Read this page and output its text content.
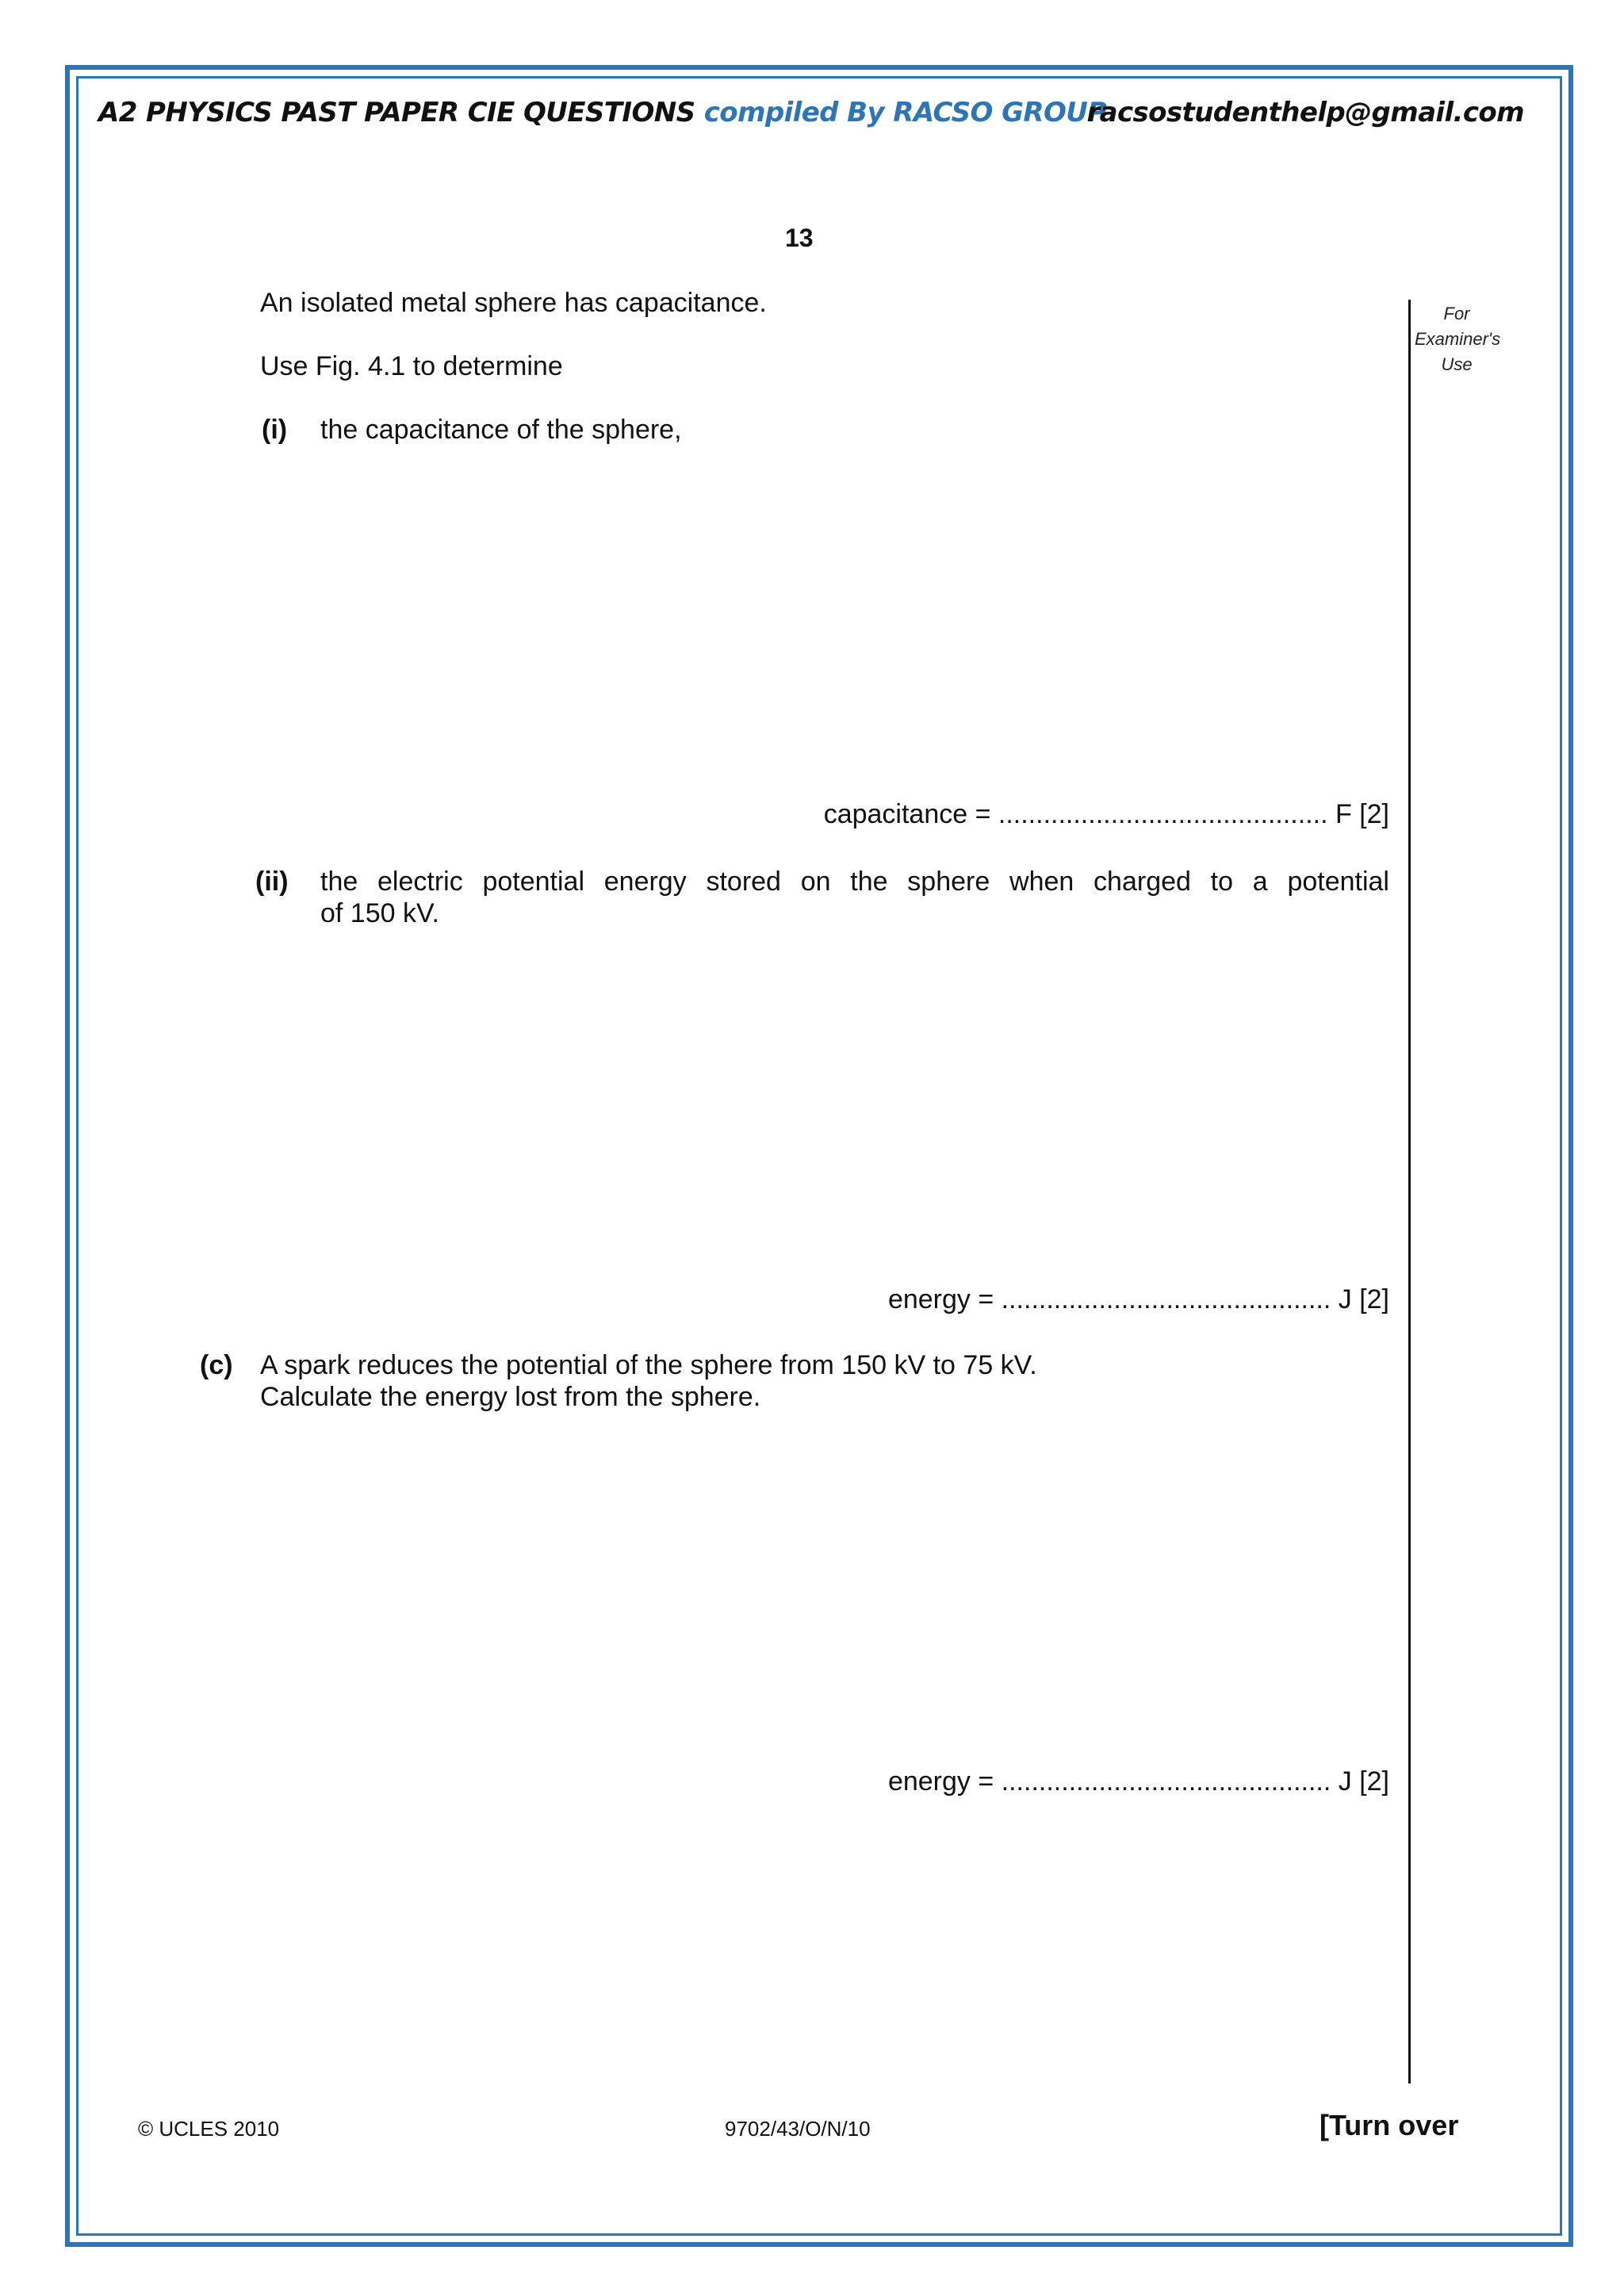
A2 PHYSICS PAST PAPER CIE QUESTIONS compiled By RACSO GROUP
racsostudenthelp@gmail.com
13
For
Examiner's
Use
An isolated metal sphere has capacitance.
Use Fig. 4.1 to determine
(i) the capacitance of the sphere,
capacitance = ............................................ F [2]
(ii) the electric potential energy stored on the sphere when charged to a potential
of 150 kV.
energy = ............................................ J [2]
(c) A spark reduces the potential of the sphere from 150 kV to 75 kV.
Calculate the energy lost from the sphere.
energy = ............................................ J [2]
© UCLES 2010	9702/43/O/N/10	[Turn over
